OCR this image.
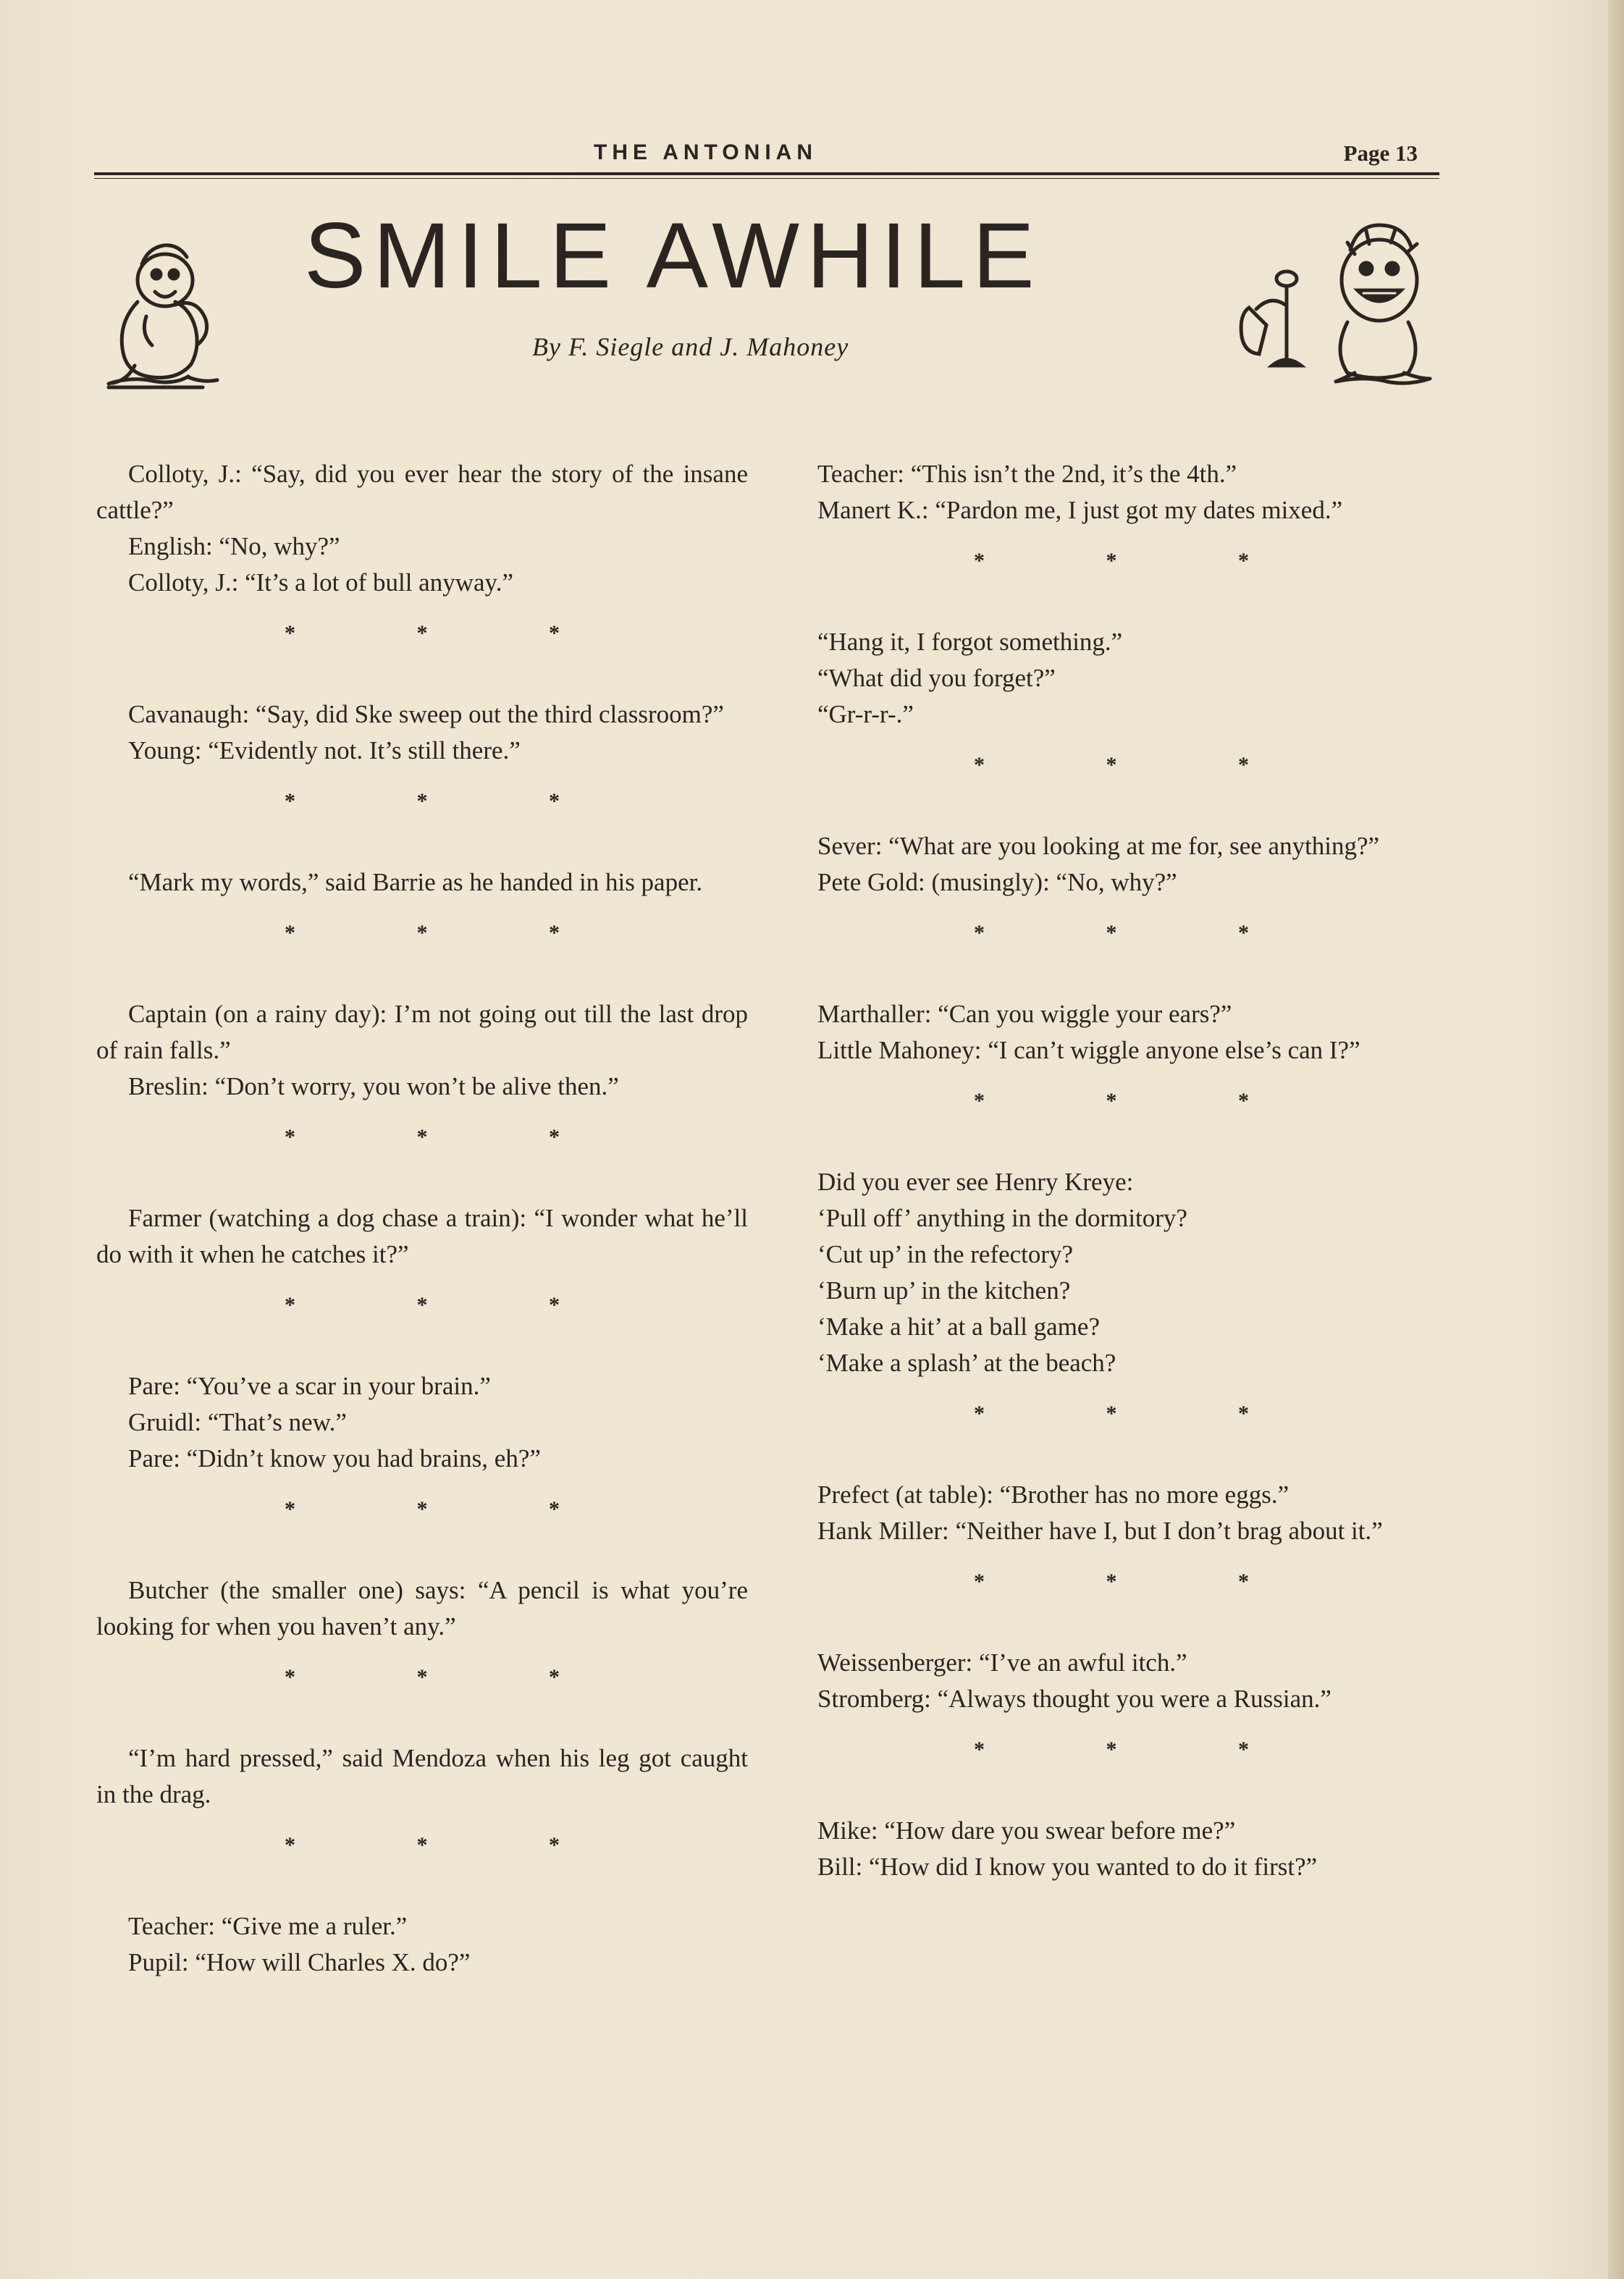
THE ANTONIAN	Page 13
SMILE AWHILE
By F. Siegle and J. Mahoney

Colloty, J.: “Say, did you ever hear the story of the insane cattle?”

English: “No, why?”

Colloty, J.: “It’s a lot of bull anyway.”

* * *

Cavanaugh: “Say, did Ske sweep out the third classroom?”

Young: “Evidently not. It’s still there.”

* * *

“Mark my words,” said Barrie as he handed in his paper.

* * *

Captain (on a rainy day): I’m not going out till the last drop of rain falls.”

Breslin: “Don’t worry, you won’t be alive then.”

* * *

Farmer (watching a dog chase a train): “I wonder what he’ll do with it when he catches it?”

* * *

Pare: “You’ve a scar in your brain.”

Gruidl: “That’s new.”

Pare: “Didn’t know you had brains, eh?”

* * *

Butcher (the smaller one) says: “A pencil is what you’re looking for when you haven’t any.”

* * *

“I’m hard pressed,” said Mendoza when his leg got caught in the drag.

* * *

Teacher: “Give me a ruler.”

Pupil: “How will Charles X. do?”

Teacher: “This isn’t the 2nd, it’s the 4th.”

Manert K.: “Pardon me, I just got my dates mixed.”

* * *

“Hang it, I forgot something.”

“What did you forget?”

“Gr-r-r-.”

* * *

Sever: “What are you looking at me for, see anything?”

Pete Gold: (musingly): “No, why?”

* * *

Marthaller: “Can you wiggle your ears?”

Little Mahoney: “I can’t wiggle anyone else’s can I?”

* * *

Did you ever see Henry Kreye:

‘Pull off’ anything in the dormitory?

‘Cut up’ in the refectory?

‘Burn up’ in the kitchen?

‘Make a hit’ at a ball game?

‘Make a splash’ at the beach?

* * *

Prefect (at table): “Brother has no more eggs.”

Hank Miller: “Neither have I, but I don’t brag about it.”

* * *

Weissenberger: “I’ve an awful itch.”

Stromberg: “Always thought you were a Russian.”

* * *

Mike: “How dare you swear before me?”

Bill: “How did I know you wanted to do it first?”
